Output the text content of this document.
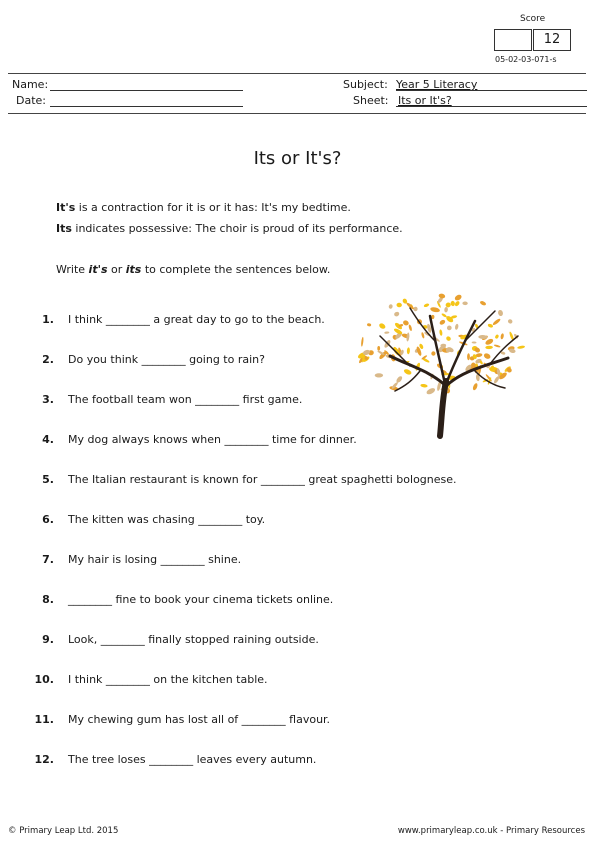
Score
12
05-02-03-071-s
Name:
Date:
Subject: Year 5 Literacy
Sheet: Its or It's?
Its or It's?
It's is a contraction for it is or it has: It's my bedtime.
Its indicates possessive: The choir is proud of its performance.
Write it's or its to complete the sentences below.
1. I think ________ a great day to go to the beach.
2. Do you think ________ going to rain?
3. The football team won ________ first game.
4. My dog always knows when ________ time for dinner.
5. The Italian restaurant is known for ________ great spaghetti bolognese.
6. The kitten was chasing ________ toy.
7. My hair is losing ________ shine.
8. ________ fine to book your cinema tickets online.
9. Look, ________ finally stopped raining outside.
10. I think ________ on the kitchen table.
11. My chewing gum has lost all of ________ flavour.
12. The tree loses ________ leaves every autumn.
© Primary Leap Ltd. 2015	www.primaryleap.co.uk - Primary Resources
